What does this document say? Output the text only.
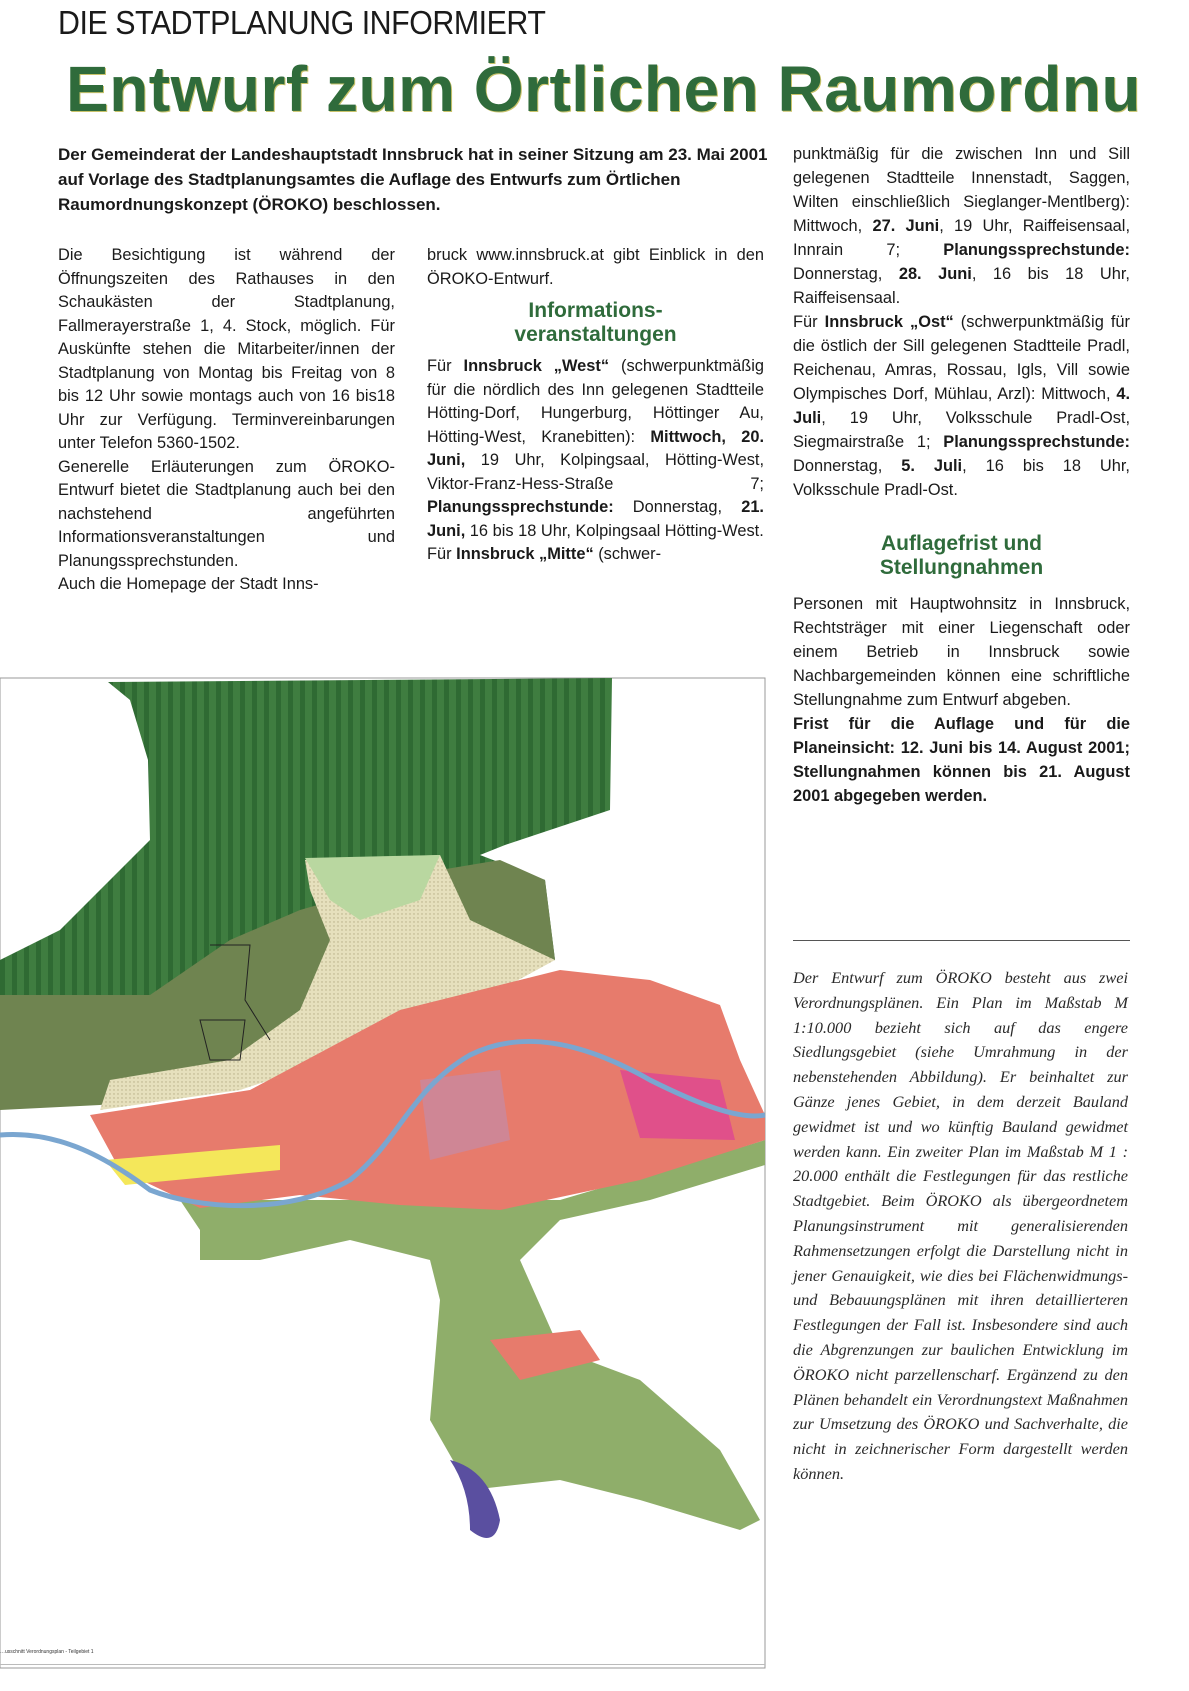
DIE STADTPLANUNG INFORMIERT
Entwurf zum Örtlichen Raumordnu
Der Gemeinderat der Landeshauptstadt Innsbruck hat in seiner Sitzung am 23. Mai 2001 auf Vorlage des Stadtplanungsamtes die Auflage des Entwurfs zum Örtlichen Raumordnungskonzept (ÖROKO) beschlossen.

Die Besichtigung ist während der Öffnungszeiten des Rathauses in den Schaukästen der Stadtplanung, Fallmerayerstraße 1, 4. Stock, möglich. Für Auskünfte stehen die Mitarbeiter/innen der Stadtplanung von Montag bis Freitag von 8 bis 12 Uhr sowie montags auch von 16 bis18 Uhr zur Verfügung. Terminvereinbarungen unter Telefon 5360-1502.

Generelle Erläuterungen zum ÖROKO-Entwurf bietet die Stadtplanung auch bei den nachstehend angeführten Informationsveranstaltungen und Planungssprechstunden.

Auch die Homepage der Stadt Inns-

bruck www.innsbruck.at gibt Einblick in den ÖROKO-Entwurf.

Informations-
veranstaltungen

Für Innsbruck „West“ (schwerpunktmäßig für die nördlich des Inn gelegenen Stadtteile Hötting-Dorf, Hungerburg, Höttinger Au, Hötting-West, Kranebitten): Mittwoch, 20. Juni, 19 Uhr, Kolpingsaal, Hötting-West, Viktor-Franz-Hess-Straße 7; Planungssprechstunde: Donnerstag, 21. Juni, 16 bis 18 Uhr, Kolpingsaal Hötting-West.

Für Innsbruck „Mitte“ (schwer-

punktmäßig für die zwischen Inn und Sill gelegenen Stadtteile Innenstadt, Saggen, Wilten einschließlich Sieglanger-Mentlberg): Mittwoch, 27. Juni, 19 Uhr, Raiffeisensaal, Innrain 7; Planungssprechstunde: Donnerstag, 28. Juni, 16 bis 18 Uhr, Raiffeisensaal.

Für Innsbruck „Ost“ (schwerpunktmäßig für die östlich der Sill gelegenen Stadtteile Pradl, Reichenau, Amras, Rossau, Igls, Vill sowie Olympisches Dorf, Mühlau, Arzl): Mittwoch, 4. Juli, 19 Uhr, Volksschule Pradl-Ost, Siegmairstraße 1; Planungssprechstunde: Donnerstag, 5. Juli, 16 bis 18 Uhr, Volksschule Pradl-Ost.

Auflagefrist und
Stellungnahmen

Personen mit Hauptwohnsitz in Innsbruck, Rechtsträger mit einer Liegenschaft oder einem Betrieb in Innsbruck sowie Nachbargemeinden können eine schriftliche Stellungnahme zum Entwurf abgeben.

Frist für die Auflage und für die Planeinsicht: 12. Juni bis 14. August 2001; Stellungnahmen können bis 21. August 2001 abgegeben werden.

Der Entwurf zum ÖROKO besteht aus zwei Verordnungsplänen. Ein Plan im Maßstab M 1:10.000 bezieht sich auf das engere Siedlungsgebiet (siehe Umrahmung in der nebenstehenden Abbildung). Er beinhaltet zur Gänze jenes Gebiet, in dem derzeit Bauland gewidmet ist und wo künftig Bauland gewidmet werden kann. Ein zweiter Plan im Maßstab M 1 : 20.000 enthält die Festlegungen für das restliche Stadtgebiet. Beim ÖROKO als übergeordnetem Planungsinstrument mit generalisierenden Rahmensetzungen erfolgt die Darstellung nicht in jener Genauigkeit, wie dies bei Flächenwidmungs- und Bebauungsplänen mit ihren detaillierteren Festlegungen der Fall ist. Insbesondere sind auch die Abgrenzungen zur baulichen Entwicklung im ÖROKO nicht parzellenscharf. Ergänzend zu den Plänen behandelt ein Verordnungstext Maßnahmen zur Umsetzung des ÖROKO und Sachverhalte, die nicht in zeichnerischer Form dargestellt werden können.
…usschnitt Verordnungsplan - Teilgebiet 1
